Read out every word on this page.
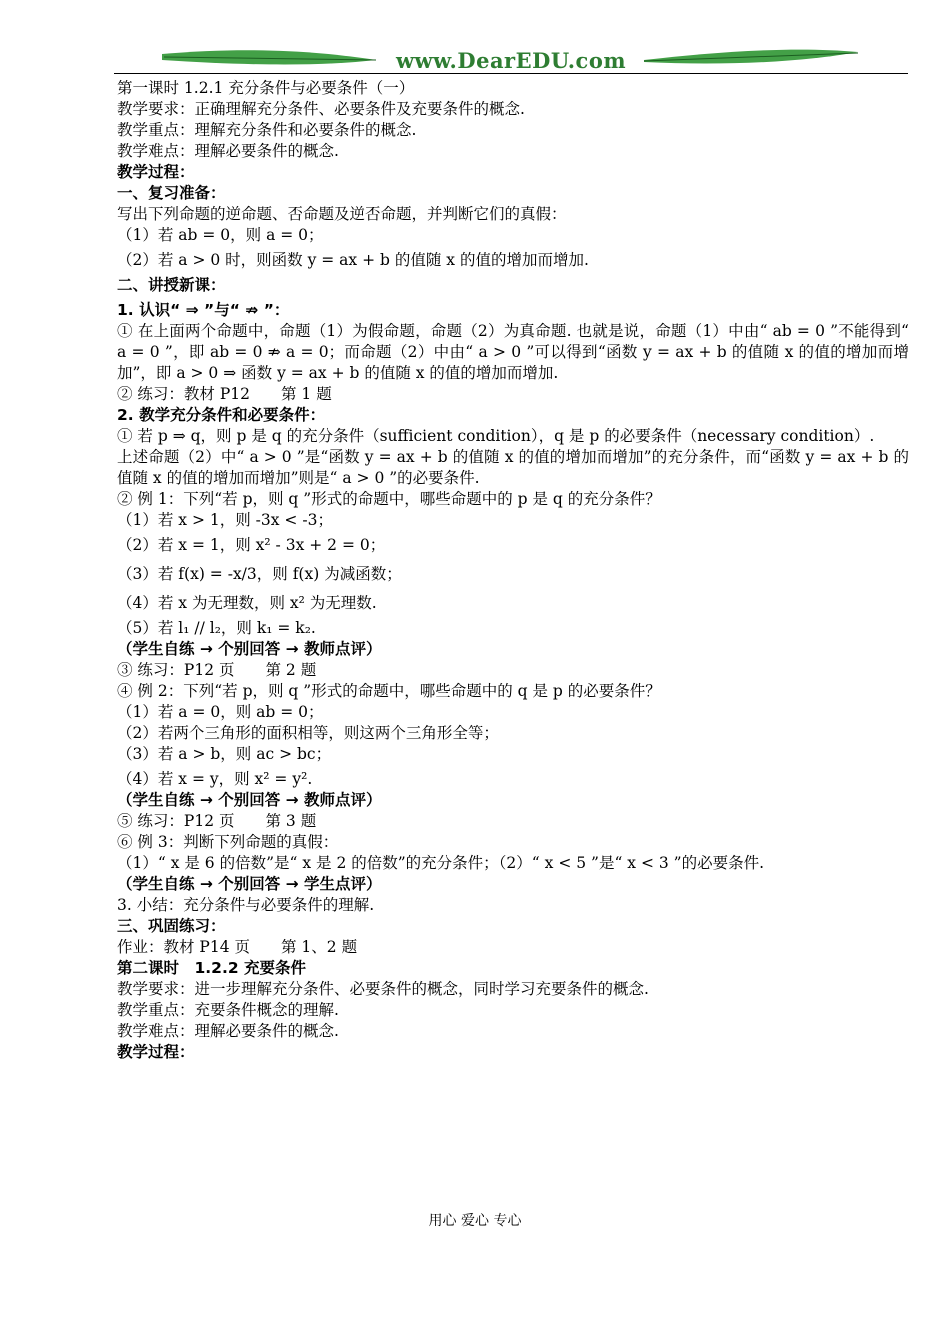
www.DearEDU.com
第一课时 1.2.1 充分条件与必要条件（一）
教学要求：正确理解充分条件、必要条件及充要条件的概念.
教学重点：理解充分条件和必要条件的概念.
教学难点：理解必要条件的概念.
教学过程：
一、复习准备：
写出下列命题的逆命题、否命题及逆否命题，并判断它们的真假：
（1）若 ab = 0，则 a = 0；
（2）若 a > 0 时，则函数 y = ax + b 的值随 x 的值的增加而增加.
二、讲授新课：
1. 认识“ ⇒ ”与“ ⇏ ”：
① 在上面两个命题中，命题（1）为假命题，命题（2）为真命题. 也就是说，命题（1）中由“ ab = 0 ”不能得到“ a = 0 ”，即 ab = 0 ⇏ a = 0；而命题（2）中由“ a > 0 ”可以得到“函数 y = ax + b 的值随 x 的值的增加而增加”，即 a > 0 ⇒ 函数 y = ax + b 的值随 x 的值的增加而增加.
② 练习：教材 P12　　第 1 题
2. 教学充分条件和必要条件：
① 若 p ⇒ q，则 p 是 q 的充分条件（sufficient condition），q 是 p 的必要条件（necessary condition）.
上述命题（2）中“ a > 0 ”是“函数 y = ax + b 的值随 x 的值的增加而增加”的充分条件，而“函数 y = ax + b 的值随 x 的值的增加而增加”则是“ a > 0 ”的必要条件.
② 例 1：下列“若 p，则 q ”形式的命题中，哪些命题中的 p 是 q 的充分条件？
（1）若 x > 1，则 -3x < -3；
（2）若 x = 1，则 x² - 3x + 2 = 0；
（3）若 f(x) = -x/3，则 f(x) 为减函数；
（4）若 x 为无理数，则 x² 为无理数.
（5）若 l₁ // l₂，则 k₁ = k₂.
（学生自练 → 个别回答 → 教师点评）
③ 练习：P12 页　　第 2 题
④ 例 2：下列“若 p，则 q ”形式的命题中，哪些命题中的 q 是 p 的必要条件？
（1）若 a = 0，则 ab = 0；
（2）若两个三角形的面积相等，则这两个三角形全等；
（3）若 a > b，则 ac > bc；
（4）若 x = y，则 x² = y².
（学生自练 → 个别回答 → 教师点评）
⑤ 练习：P12 页　　第 3 题
⑥ 例 3：判断下列命题的真假：
（1）“ x 是 6 的倍数”是“ x 是 2 的倍数”的充分条件；（2）“ x < 5 ”是“ x < 3 ”的必要条件.
（学生自练 → 个别回答 → 学生点评）
3. 小结：充分条件与必要条件的理解.
三、巩固练习：
作业：教材 P14 页　　第 1、2 题
第二课时　1.2.2 充要条件
教学要求：进一步理解充分条件、必要条件的概念，同时学习充要条件的概念.
教学重点：充要条件概念的理解.
教学难点：理解必要条件的概念.
教学过程：
用心 爱心 专心
